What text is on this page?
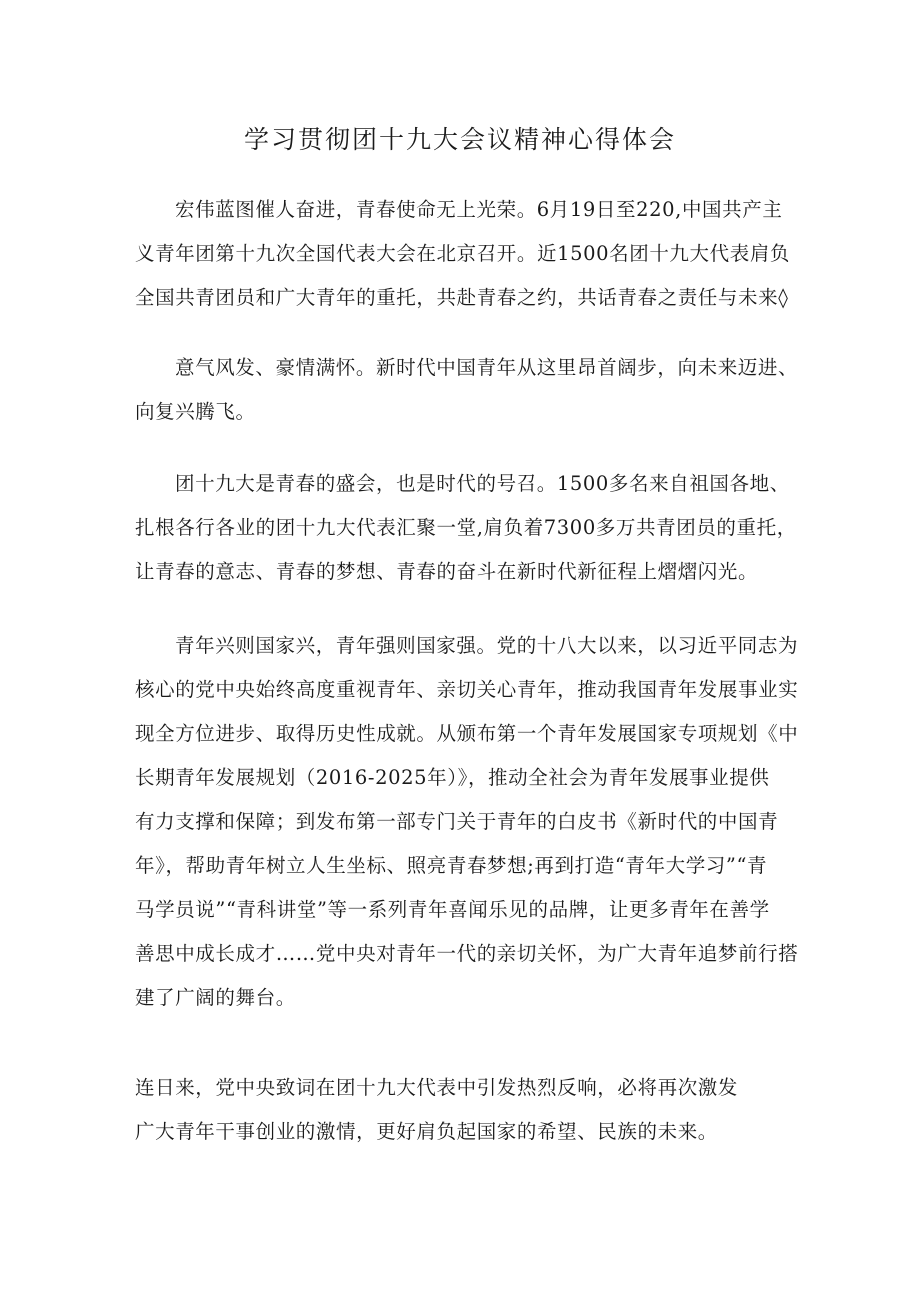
学习贯彻团十九大会议精神心得体会
宏伟蓝图催人奋进，青春使命无上光荣。6月19日至220,中国共产主
义青年团第十九次全国代表大会在北京召开。近1500名团十九大代表肩负
全国共青团员和广大青年的重托，共赴青春之约，共话青春之责任与未来◊
意气风发、豪情满怀。新时代中国青年从这里昂首阔步，向未来迈进、
向复兴腾飞。
团十九大是青春的盛会，也是时代的号召。1500多名来自祖国各地、
扎根各行各业的团十九大代表汇聚一堂,肩负着7300多万共青团员的重托，
让青春的意志、青春的梦想、青春的奋斗在新时代新征程上熠熠闪光。
青年兴则国家兴，青年强则国家强。党的十八大以来，以习近平同志为
核心的党中央始终高度重视青年、亲切关心青年，推动我国青年发展事业实
现全方位进步、取得历史性成就。从颁布第一个青年发展国家专项规划《中
长期青年发展规划（2016-2025年）》，推动全社会为青年发展事业提供
有力支撑和保障；到发布第一部专门关于青年的白皮书《新时代的中国青
年》，帮助青年树立人生坐标、照亮青春梦想;再到打造“青年大学习”“青
马学员说”“青科讲堂”等一系列青年喜闻乐见的品牌，让更多青年在善学
善思中成长成才……党中央对青年一代的亲切关怀，为广大青年追梦前行搭
建了广阔的舞台。
连日来，党中央致词在团十九大代表中引发热烈反响，必将再次激发
广大青年干事创业的激情，更好肩负起国家的希望、民族的未来。
